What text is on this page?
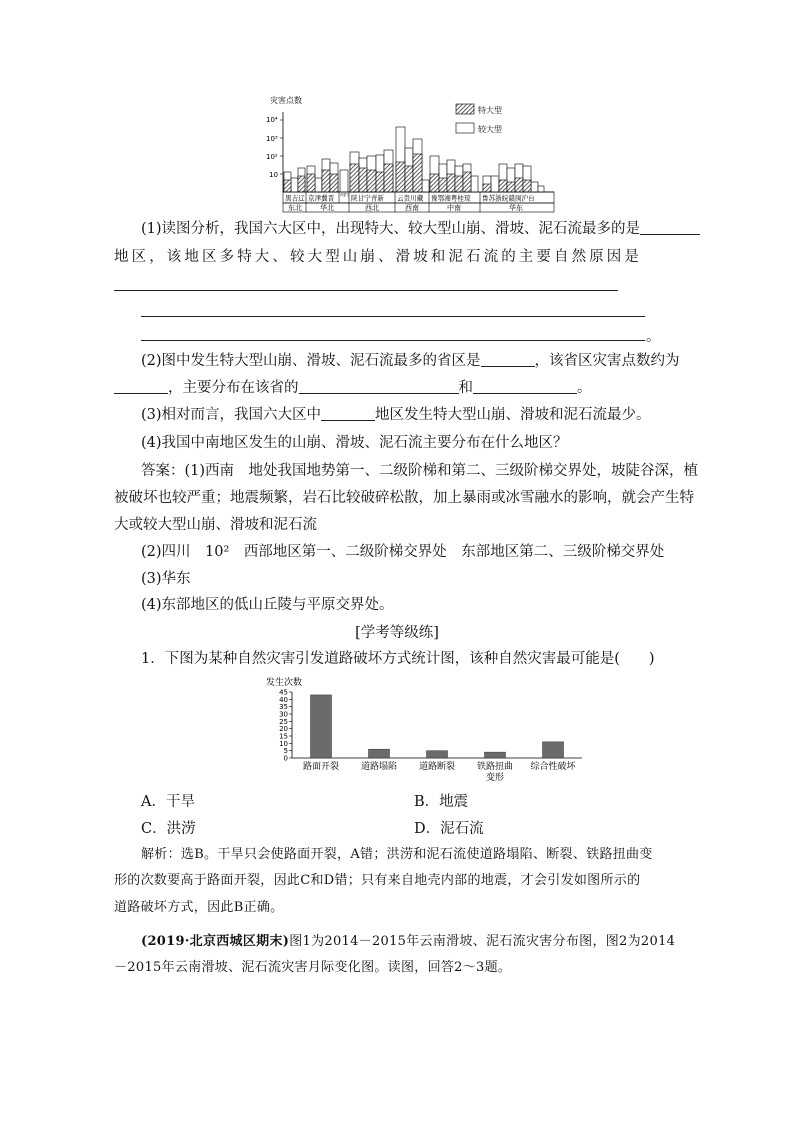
灾害点数
10⁴
10³
10²
10
特大型
较大型
黑吉辽 京津冀晋 内蒙古 陕甘宁青新 云贵川藏 豫鄂湘粤桂琼 鲁苏浙皖赣闽沪台
东北	华北	西北	西南	中南	华东
(1)读图分析，我国六大区中，出现特大、较大型山崩、滑坡、泥石流最多的是
地区，该地区多特大、较大型山崩、滑坡和泥石流的主要自然原因是
。
(2)图中发生特大型山崩、滑坡、泥石流最多的省区是	，该省区灾害点数约为
，主要分布在该省的	和	。
(3)相对而言，我国六大区中	地区发生特大型山崩、滑坡和泥石流最少。
(4)我国中南地区发生的山崩、滑坡、泥石流主要分布在什么地区？
答案：(1)西南　地处我国地势第一、二级阶梯和第二、三级阶梯交界处，坡陡谷深，植
被破坏也较严重；地震频繁，岩石比较破碎松散，加上暴雨或冰雪融水的影响，就会产生特
大或较大型山崩、滑坡和泥石流
(2)四川　10²　西部地区第一、二级阶梯交界处　东部地区第二、三级阶梯交界处
(3)华东
(4)东部地区的低山丘陵与平原交界处。
[学考等级练]
1．下图为某种自然灾害引发道路破坏方式统计图，该种自然灾害最可能是(　　)
发生次数
0
5
10
15
20
25
30
35
40
45
路面开裂 道路塌陷 道路断裂 铁路扭曲 综合性破坏
变形
A．干旱	B．地震
C．洪涝	D．泥石流
解析：选B。干旱只会使路面开裂，A错；洪涝和泥石流使道路塌陷、断裂、铁路扭曲变
形的次数要高于路面开裂，因此C和D错；只有来自地壳内部的地震，才会引发如图所示的
道路破坏方式，因此B正确。
(2019·北京西城区期末)图1为2014－2015年云南滑坡、泥石流灾害分布图，图2为2014
－2015年云南滑坡、泥石流灾害月际变化图。读图，回答2～3题。
